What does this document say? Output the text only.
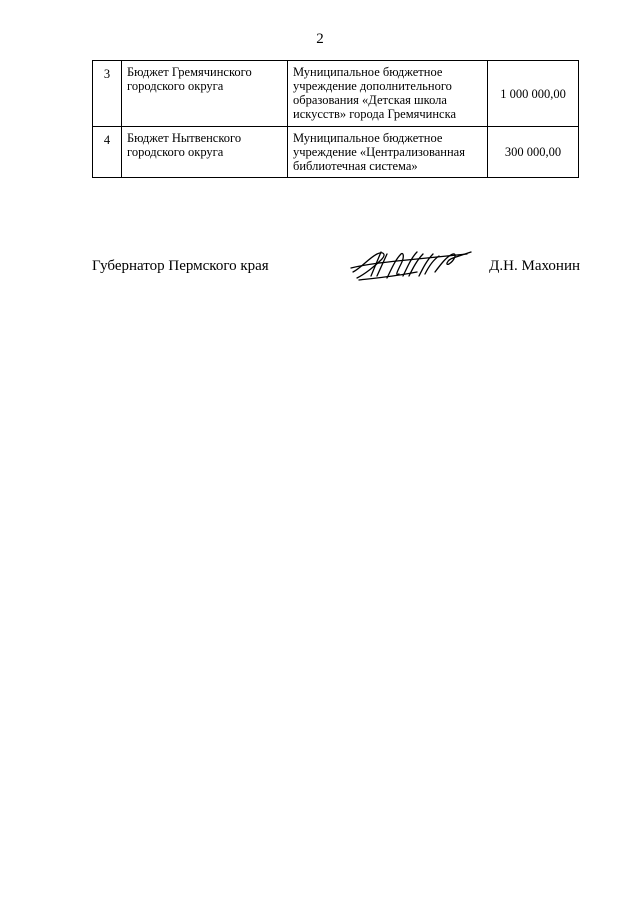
2
3	Бюджет Гремячинского городского округа	Муниципальное бюджетное учреждение дополнительного образования «Детская школа искусств» города Гремячинска	1 000 000,00
4	Бюджет Нытвенского городского округа	Муниципальное бюджетное учреждение «Централизованная библиотечная система»	300 000,00
Губернатор Пермского края	Д.Н. Махонин
